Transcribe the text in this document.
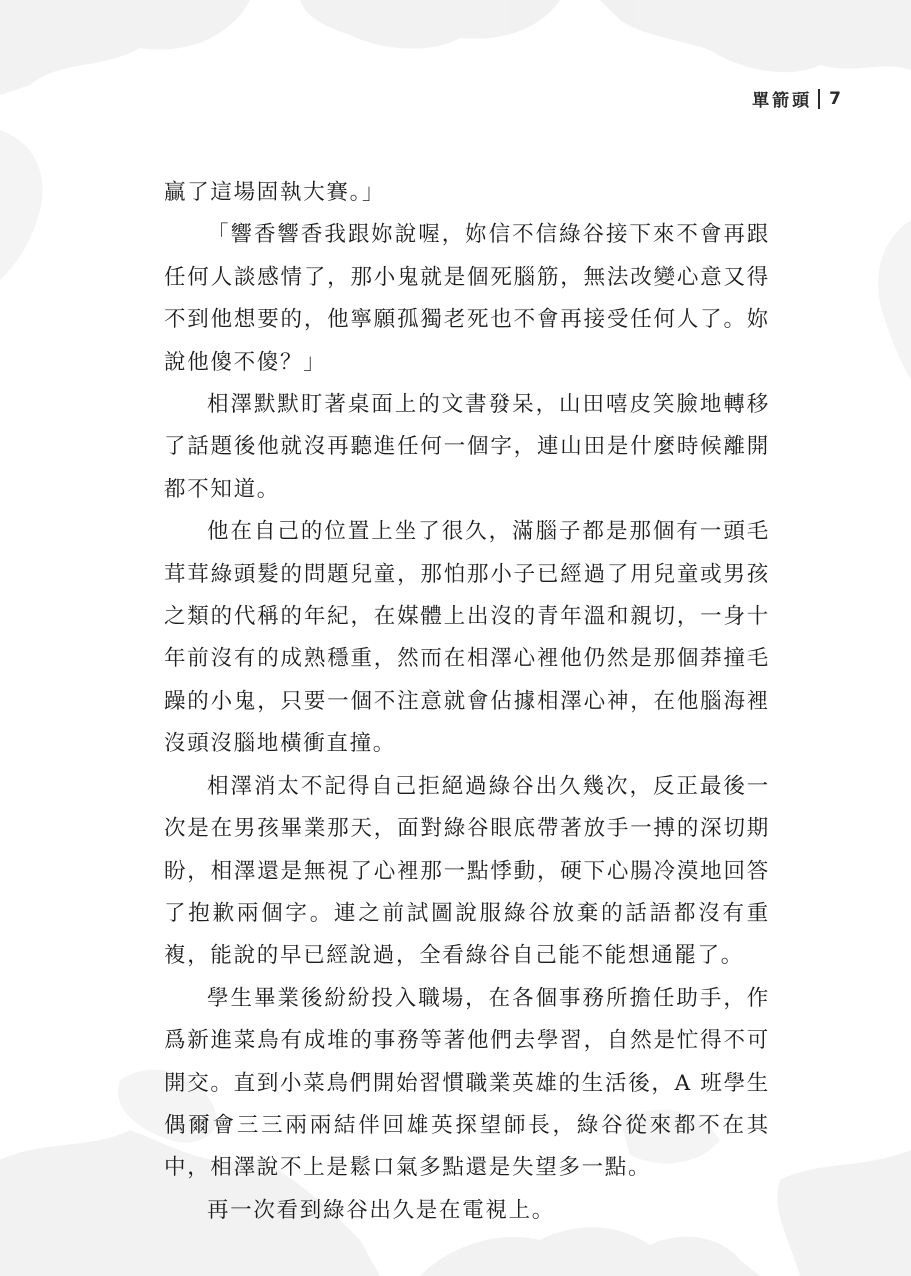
單箭頭 7

贏了這場固執大賽。」

「響香響香我跟妳說喔，妳信不信綠谷接下來不會再跟任何人談感情了，那小鬼就是個死腦筋，無法改變心意又得不到他想要的，他寧願孤獨老死也不會再接受任何人了。妳說他傻不傻？」

相澤默默盯著桌面上的文書發呆，山田嘻皮笑臉地轉移了話題後他就沒再聽進任何一個字，連山田是什麼時候離開都不知道。

他在自己的位置上坐了很久，滿腦子都是那個有一頭毛茸茸綠頭髮的問題兒童，那怕那小子已經過了用兒童或男孩之類的代稱的年紀，在媒體上出沒的青年溫和親切，一身十年前沒有的成熟穩重，然而在相澤心裡他仍然是那個莽撞毛躁的小鬼，只要一個不注意就會佔據相澤心神，在他腦海裡沒頭沒腦地橫衝直撞。

相澤消太不記得自己拒絕過綠谷出久幾次，反正最後一次是在男孩畢業那天，面對綠谷眼底帶著放手一搏的深切期盼，相澤還是無視了心裡那一點悸動，硬下心腸冷漠地回答了抱歉兩個字。連之前試圖說服綠谷放棄的話語都沒有重複，能說的早已經說過，全看綠谷自己能不能想通罷了。

學生畢業後紛紛投入職場，在各個事務所擔任助手，作爲新進菜鳥有成堆的事務等著他們去學習，自然是忙得不可開交。直到小菜鳥們開始習慣職業英雄的生活後，A 班學生偶爾會三三兩兩結伴回雄英探望師長，綠谷從來都不在其中，相澤說不上是鬆口氣多點還是失望多一點。

再一次看到綠谷出久是在電視上。
